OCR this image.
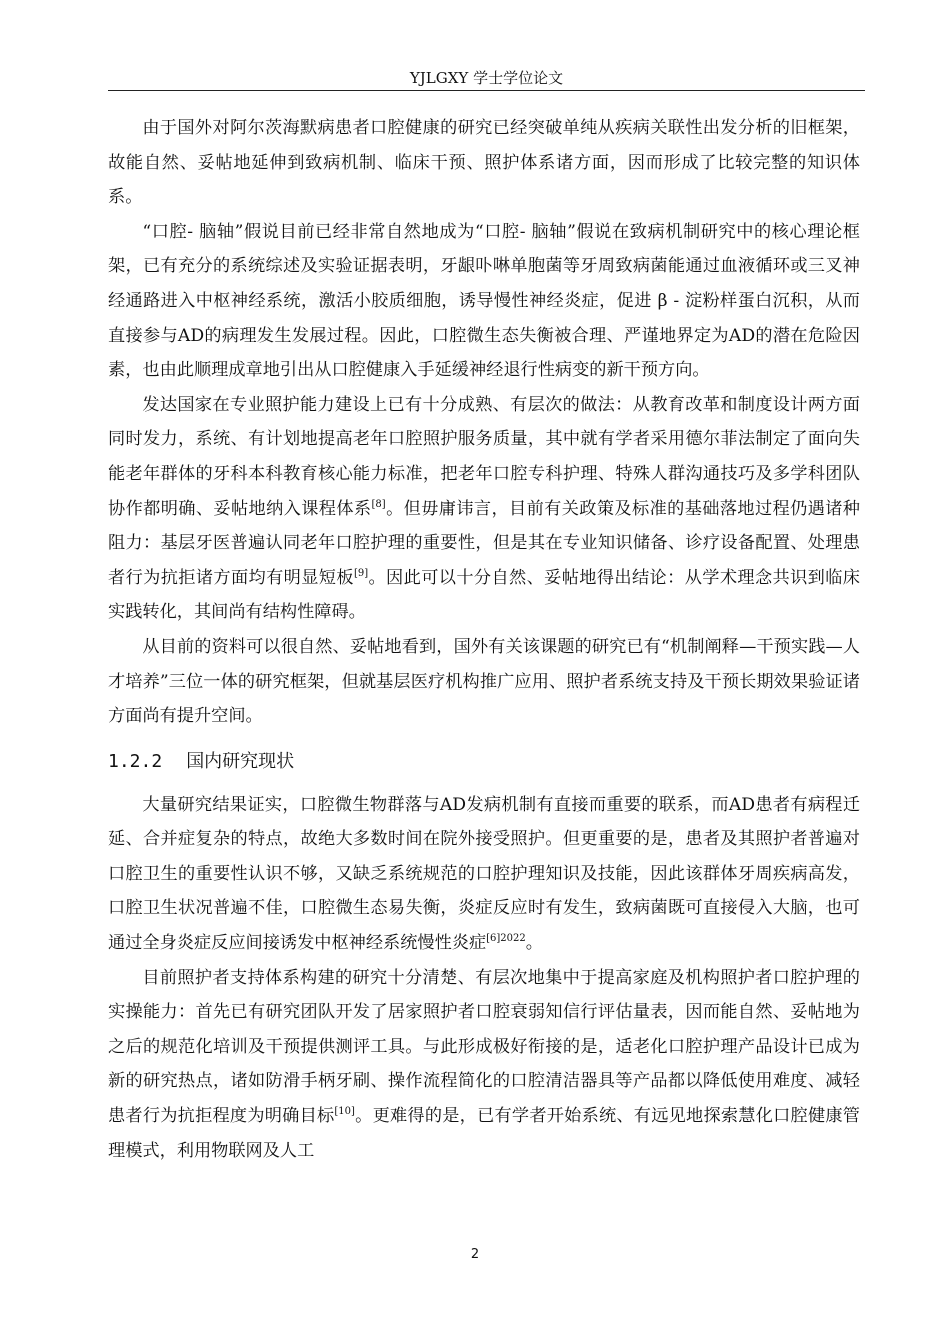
YJLGXY 学士学位论文

由于国外对阿尔茨海默病患者口腔健康的研究已经突破单纯从疾病关联性出发分析的旧框架，故能自然、妥帖地延伸到致病机制、临床干预、照护体系诸方面，因而形成了比较完整的知识体系。

“口腔- 脑轴”假说目前已经非常自然地成为“口腔- 脑轴”假说在致病机制研究中的核心理论框架，已有充分的系统综述及实验证据表明，牙龈卟啉单胞菌等牙周致病菌能通过血液循环或三叉神经通路进入中枢神经系统，激活小胶质细胞，诱导慢性神经炎症，促进 β - 淀粉样蛋白沉积，从而直接参与AD的病理发生发展过程。因此，口腔微生态失衡被合理、严谨地界定为AD的潜在危险因素，也由此顺理成章地引出从口腔健康入手延缓神经退行性病变的新干预方向。

发达国家在专业照护能力建设上已有十分成熟、有层次的做法：从教育改革和制度设计两方面同时发力，系统、有计划地提高老年口腔照护服务质量，其中就有学者采用德尔菲法制定了面向失能老年群体的牙科本科教育核心能力标准，把老年口腔专科护理、特殊人群沟通技巧及多学科团队协作都明确、妥帖地纳入课程体系[8]。但毋庸讳言，目前有关政策及标准的基础落地过程仍遇诸种阻力：基层牙医普遍认同老年口腔护理的重要性，但是其在专业知识储备、诊疗设备配置、处理患者行为抗拒诸方面均有明显短板[9]。因此可以十分自然、妥帖地得出结论：从学术理念共识到临床实践转化，其间尚有结构性障碍。

从目前的资料可以很自然、妥帖地看到，国外有关该课题的研究已有“机制阐释—干预实践—人才培养”三位一体的研究框架，但就基层医疗机构推广应用、照护者系统支持及干预长期效果验证诸方面尚有提升空间。

1.2.2 国内研究现状

大量研究结果证实，口腔微生物群落与AD发病机制有直接而重要的联系，而AD患者有病程迁延、合并症复杂的特点，故绝大多数时间在院外接受照护。但更重要的是，患者及其照护者普遍对口腔卫生的重要性认识不够，又缺乏系统规范的口腔护理知识及技能，因此该群体牙周疾病高发，口腔卫生状况普遍不佳，口腔微生态易失衡，炎症反应时有发生，致病菌既可直接侵入大脑，也可通过全身炎症反应间接诱发中枢神经系统慢性炎症$^{[6]2022}$。

目前照护者支持体系构建的研究十分清楚、有层次地集中于提高家庭及机构照护者口腔护理的实操能力：首先已有研究团队开发了居家照护者口腔衰弱知信行评估量表，因而能自然、妥帖地为之后的规范化培训及干预提供测评工具。与此形成极好衔接的是，适老化口腔护理产品设计已成为新的研究热点，诸如防滑手柄牙刷、操作流程简化的口腔清洁器具等产品都以降低使用难度、减轻患者行为抗拒程度为明确目标[10]。更难得的是，已有学者开始系统、有远见地探索慧化口腔健康管理模式，利用物联网及人工

2
